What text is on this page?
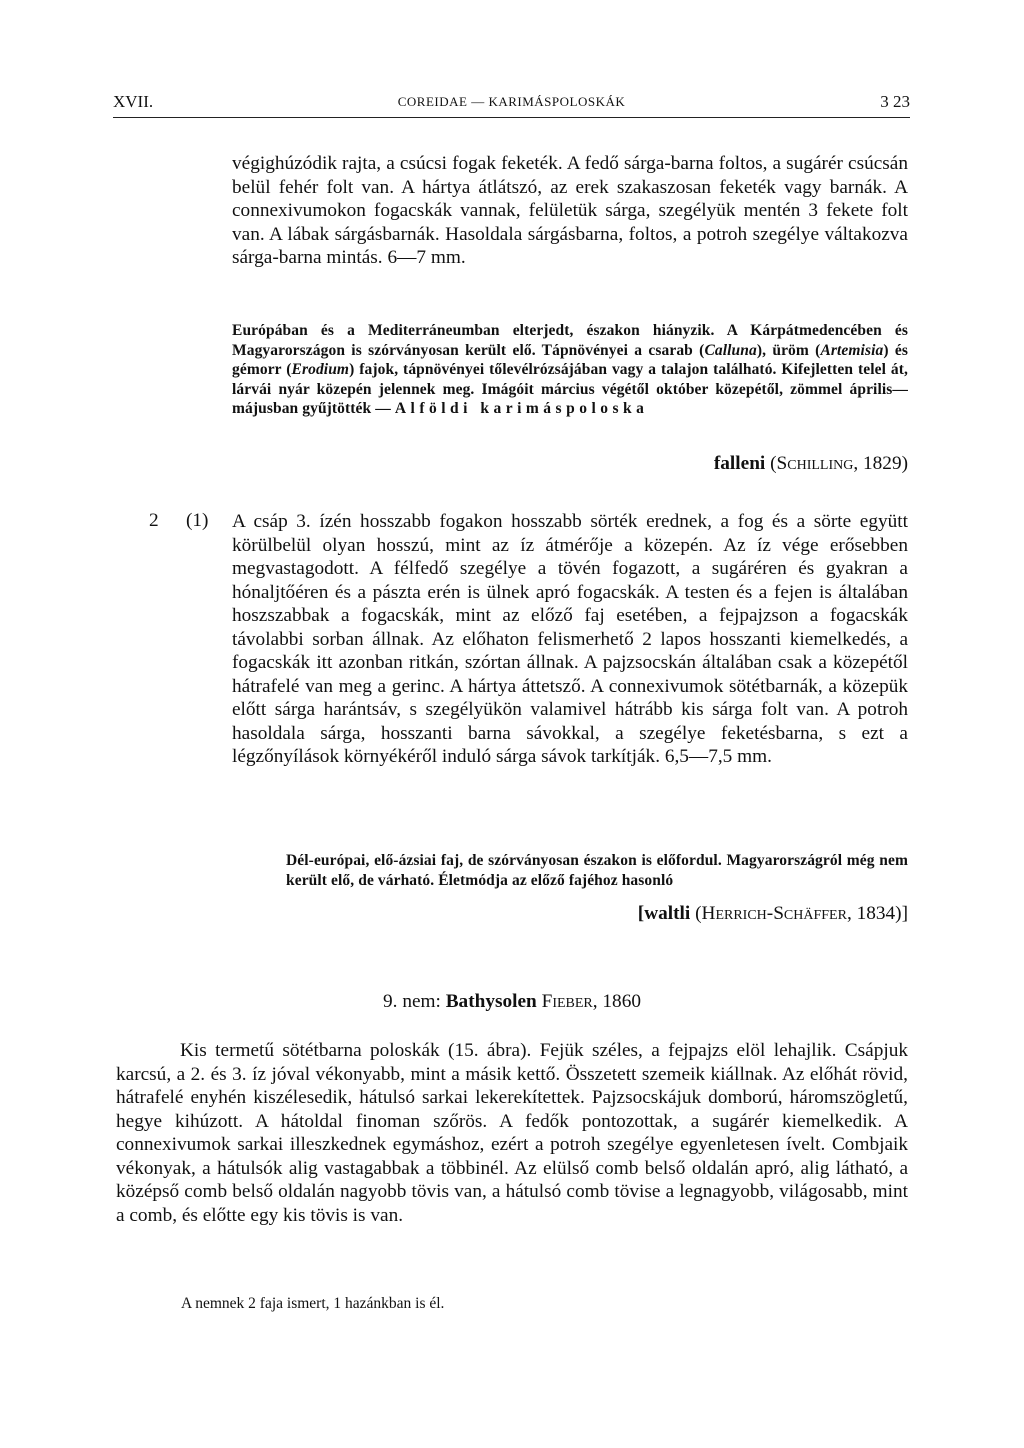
XVII.	COREIDAE — KARIMÁSPOLOSKÁK	3 23
végighúzódik rajta, a csúcsi fogak feketék. A fedő sárga-barna foltos, a sugárér csúcsán belül fehér folt van. A hártya átlátszó, az erek szakaszosan feketék vagy barnák. A connexivumokon fogacskák vannak, felületük sárga, szegélyük mentén 3 fekete folt van. A lábak sárgásbarnák. Hasoldala sárgásbarna, foltos, a potroh szegélye váltakozva sárga-barna mintás. 6—7 mm.
Európában és a Mediterráneumban elterjedt, északon hiányzik. A Kárpátmedencében és Magyarországon is szórványosan került elő. Tápnövényei a csarab (Calluna), üröm (Artemisia) és gémorr (Erodium) fajok, tápnövényei tőlevélrózsájában vagy a talajon található. Kifejletten telel át, lárvái nyár közepén jelennek meg. Imágóit március végétől október közepétől, zömmel április—májusban gyűjtötték — Alföldi karimáspoloska
falleni (Schilling, 1829)
2 (1) A csáp 3. ízén hosszabb fogakon hosszabb sörték erednek, a fog és a sörte együtt körülbelül olyan hosszú, mint az íz átmérője a közepén. Az íz vége erősebben megvastagodott. A félfedő szegélye a tövén fogazott, a sugáréren és gyakran a hónaljtőéren és a pászta erén is ülnek apró fogacskák. A testen és a fejen is általában hoszszabbak a fogacskák, mint az előző faj esetében, a fejpajzson a fogacskák távolabbi sorban állnak. Az előhaton felismerhető 2 lapos hosszanti kiemelkedés, a fogacskák itt azonban ritkán, szórtan állnak. A pajzsocskán általában csak a közepétől hátrafelé van meg a gerinc. A hártya áttetsző. A connexivumok sötétbarnák, a közepük előtt sárga harántsáv, s szegélyükön valamivel hátrább kis sárga folt van. A potroh hasoldala sárga, hosszanti barna sávokkal, a szegélye feketésbarna, s ezt a légzőnyílások környékéről induló sárga sávok tarkítják. 6,5—7,5 mm.
Dél-európai, elő-ázsiai faj, de szórványosan északon is előfordul. Magyarországról még nem került elő, de várható. Életmódja az előző fajéhoz hasonló
[waltli (Herrich-Schäffer, 1834)]
9. nem: Bathysolen Fieber, 1860
Kis termetű sötétbarna poloskák (15. ábra). Fejük széles, a fejpajzs elöl lehajlik. Csápjuk karcsú, a 2. és 3. íz jóval vékonyabb, mint a másik kettő. Összetett szemeik kiállnak. Az előhát rövid, hátrafelé enyhén kiszélesedik, hátulsó sarkai lekerekítettek. Pajzsocskájuk domború, háromszögletű, hegye kihúzott. A hátoldal finoman szőrös. A fedők pontozottak, a sugárér kiemelkedik. A connexivumok sarkai illeszkednek egymáshoz, ezért a potroh szegélye egyenletesen ívelt. Combjaik vékonyak, a hátulsók alig vastagabbak a többinél. Az elülső comb belső oldalán apró, alig látható, a középső comb belső oldalán nagyobb tövis van, a hátulsó comb tövise a legnagyobb, világosabb, mint a comb, és előtte egy kis tövis is van.
A nemnek 2 faja ismert, 1 hazánkban is él.
